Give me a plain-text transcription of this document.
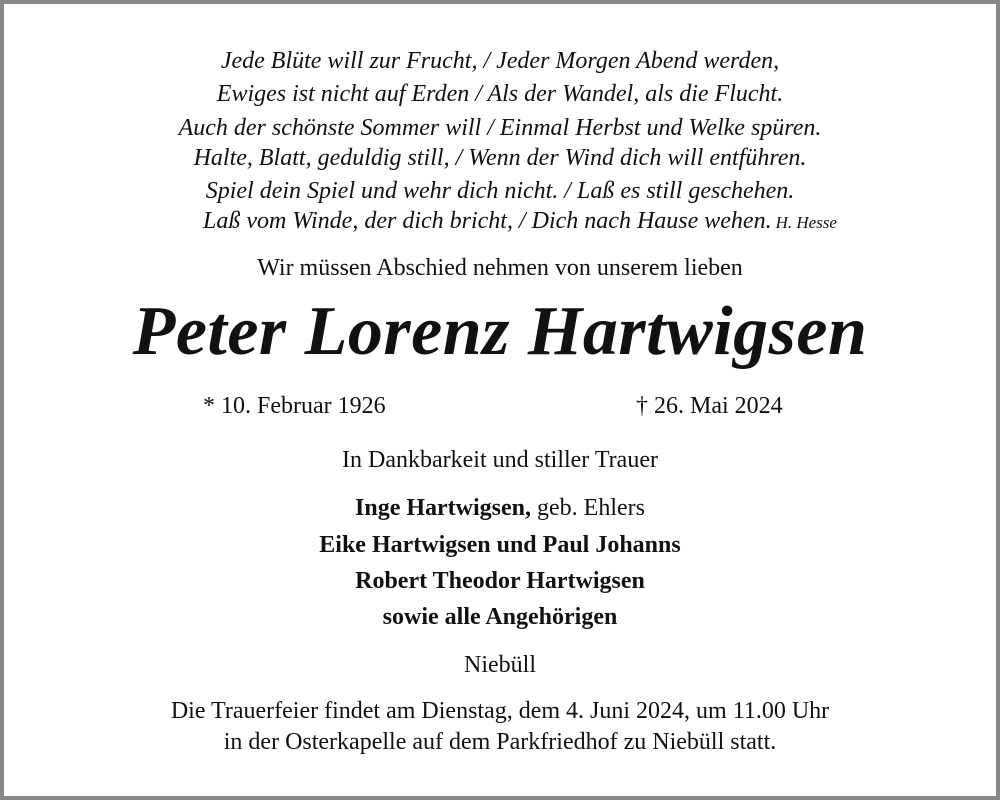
Jede Blüte will zur Frucht, / Jeder Morgen Abend werden,
Ewiges ist nicht auf Erden / Als der Wandel, als die Flucht.
Auch der schönste Sommer will / Einmal Herbst und Welke spüren.
Halte, Blatt, geduldig still, / Wenn der Wind dich will entführen.
Spiel dein Spiel und wehr dich nicht. / Laß es still geschehen.
Laß vom Winde, der dich bricht, / Dich nach Hause wehen. H. Hesse
Wir müssen Abschied nehmen von unserem lieben
Peter Lorenz Hartwigsen
* 10. Februar 1926	† 26. Mai 2024
In Dankbarkeit und stiller Trauer
Inge Hartwigsen, geb. Ehlers
Eike Hartwigsen und Paul Johanns
Robert Theodor Hartwigsen
sowie alle Angehörigen
Niebüll
Die Trauerfeier findet am Dienstag, dem 4. Juni 2024, um 11.00 Uhr
in der Osterkapelle auf dem Parkfriedhof zu Niebüll statt.
